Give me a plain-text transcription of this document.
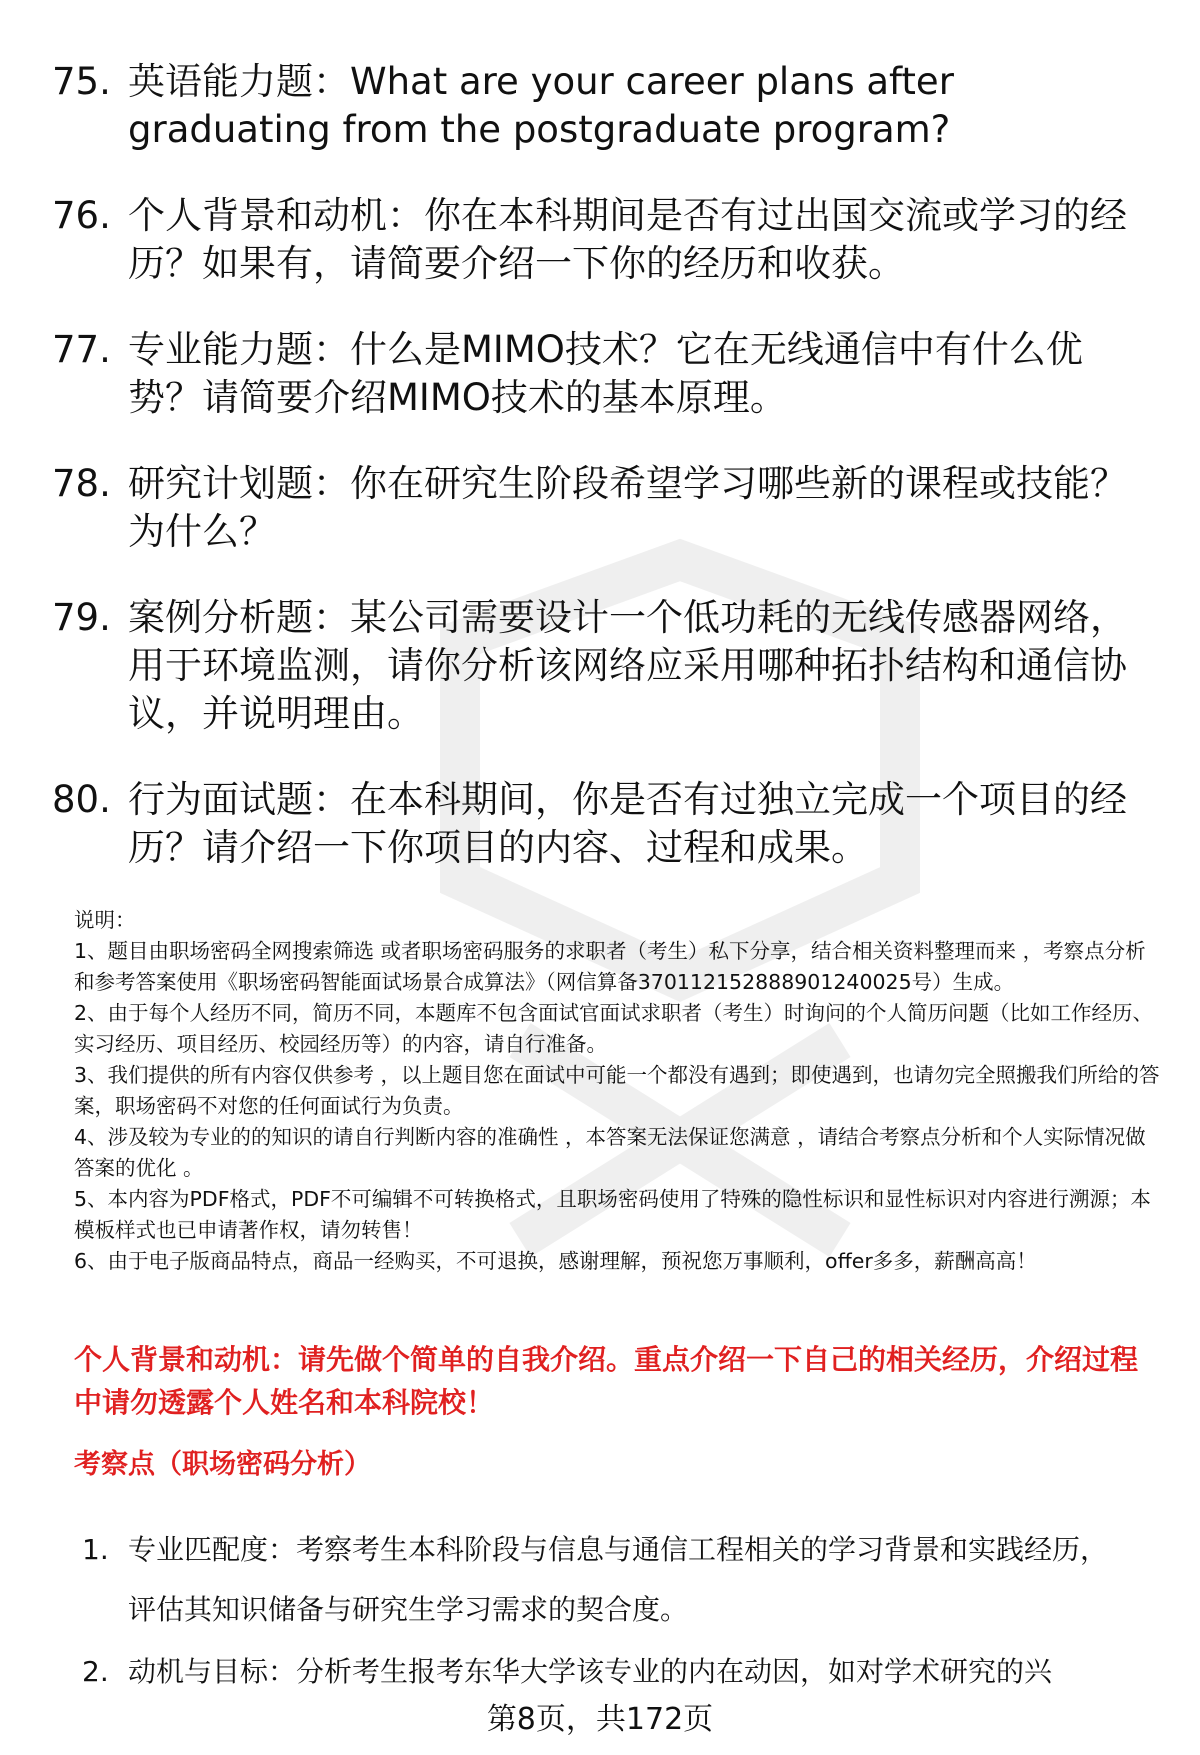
75. 英语能力题：What are your career plans after graduating from the postgraduate program?
76. 个人背景和动机：你在本科期间是否有过出国交流或学习的经历？如果有，请简要介绍一下你的经历和收获。
77. 专业能力题：什么是MIMO技术？它在无线通信中有什么优势？请简要介绍MIMO技术的基本原理。
78. 研究计划题：你在研究生阶段希望学习哪些新的课程或技能？为什么？
79. 案例分析题：某公司需要设计一个低功耗的无线传感器网络，用于环境监测，请你分析该网络应采用哪种拓扑结构和通信协议，并说明理由。
80. 行为面试题：在本科期间，你是否有过独立完成一个项目的经历？请介绍一下你项目的内容、过程和成果。

说明：

1、题目由职场密码全网搜索筛选 或者职场密码服务的求职者（考生）私下分享，结合相关资料整理而来 ，考察点分析和参考答案使用《职场密码智能面试场景合成算法》（网信算备370112152888901240025号）生成。

2、由于每个人经历不同，简历不同，本题库不包含面试官面试求职者（考生）时询问的个人简历问题（比如工作经历、实习经历、项目经历、校园经历等）的内容，请自行准备。

3、我们提供的所有内容仅供参考 ，以上题目您在面试中可能一个都没有遇到；即使遇到，也请勿完全照搬我们所给的答案，职场密码不对您的任何面试行为负责。

4、涉及较为专业的的知识的请自行判断内容的准确性 ，本答案无法保证您满意 ，请结合考察点分析和个人实际情况做答案的优化 。

5、本内容为PDF格式，PDF不可编辑不可转换格式，且职场密码使用了特殊的隐性标识和显性标识对内容进行溯源；本模板样式也已申请著作权，请勿转售！

6、由于电子版商品特点，商品一经购买，不可退换，感谢理解，预祝您万事顺利，offer多多，薪酬高高！

个人背景和动机：请先做个简单的自我介绍。重点介绍一下自己的相关经历，介绍过程中请勿透露个人姓名和本科院校！
考察点（职场密码分析）
1. 专业匹配度：考察考生本科阶段与信息与通信工程相关的学习背景和实践经历，评估其知识储备与研究生学习需求的契合度。
2. 动机与目标：分析考生报考东华大学该专业的内在动因，如对学术研究的兴
第8页，共172页
